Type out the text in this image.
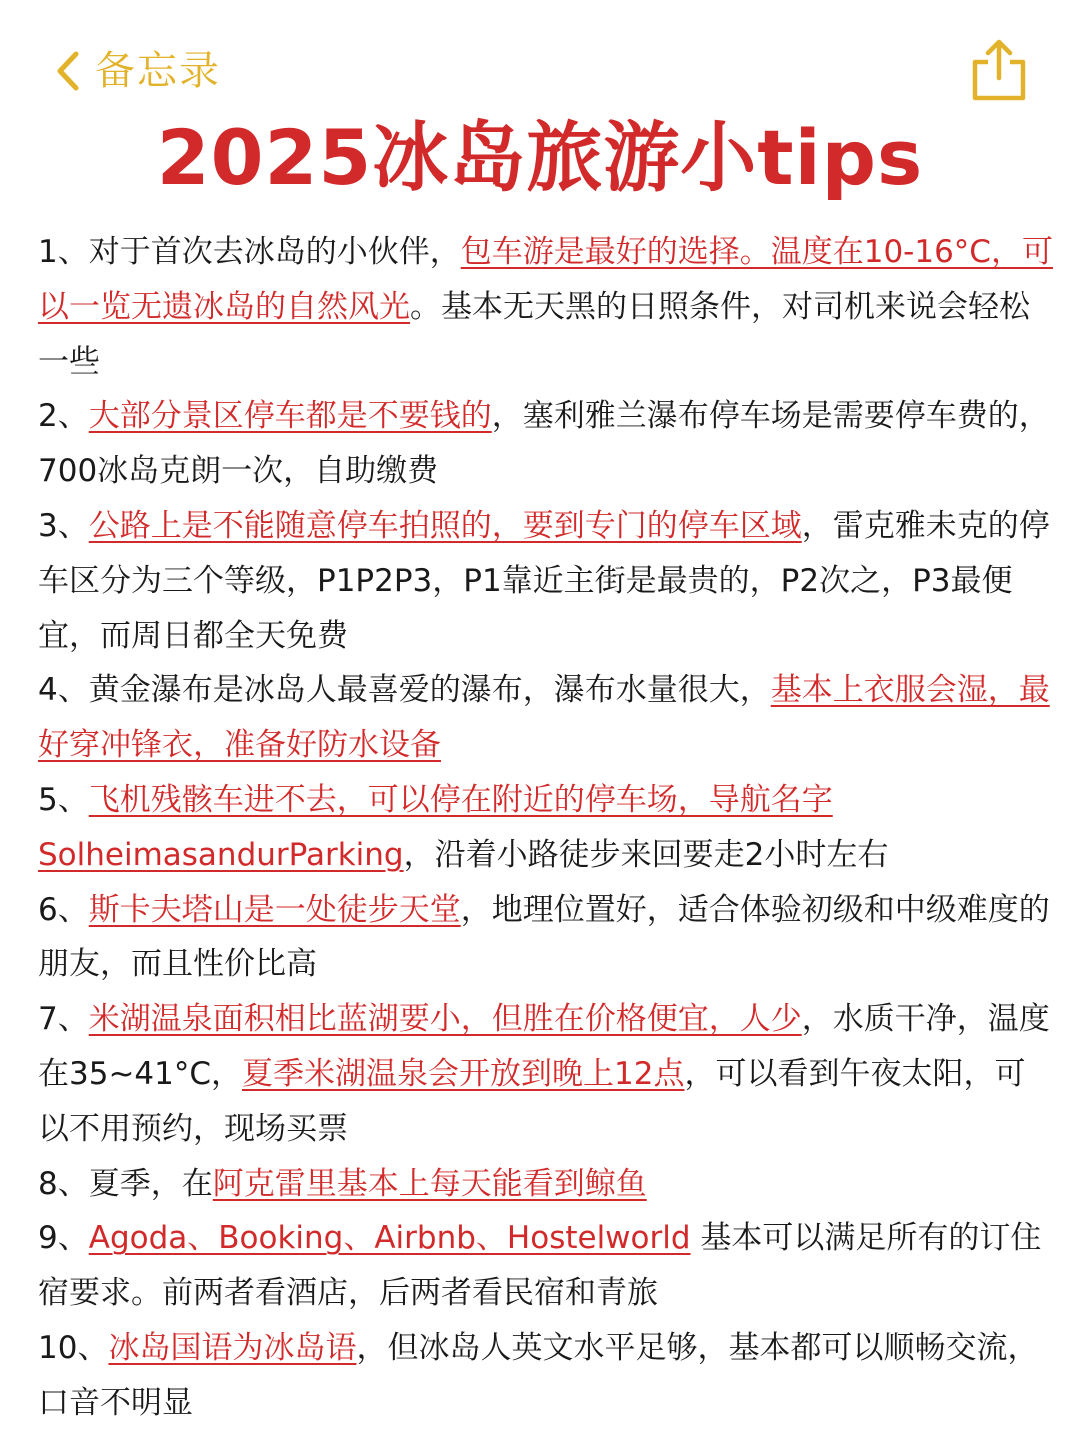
备忘录
2025冰岛旅游小tips

1、对于首次去冰岛的小伙伴，包车游是最好的选择。温度在10-16°C，可以一览无遗冰岛的自然风光。基本无天黑的日照条件，对司机来说会轻松一些

2、大部分景区停车都是不要钱的，塞利雅兰瀑布停车场是需要停车费的，700冰岛克朗一次，自助缴费

3、公路上是不能随意停车拍照的，要到专门的停车区域，雷克雅未克的停车区分为三个等级，P1P2P3，P1靠近主街是最贵的，P2次之，P3最便宜，而周日都全天免费

4、黄金瀑布是冰岛人最喜爱的瀑布，瀑布水量很大，基本上衣服会湿，最好穿冲锋衣，准备好防水设备

5、飞机残骸车进不去，可以停在附近的停车场，导航名字SolheimasandurParking，沿着小路徒步来回要走2小时左右

6、斯卡夫塔山是一处徒步天堂，地理位置好，适合体验初级和中级难度的朋友，而且性价比高

7、米湖温泉面积相比蓝湖要小，但胜在价格便宜，人少，水质干净，温度在35~41°C，夏季米湖温泉会开放到晚上12点，可以看到午夜太阳，可以不用预约，现场买票

8、夏季，在阿克雷里基本上每天能看到鲸鱼

9、Agoda、Booking、Airbnb、Hostelworld 基本可以满足所有的订住宿要求。前两者看酒店，后两者看民宿和青旅

10、冰岛国语为冰岛语，但冰岛人英文水平足够，基本都可以顺畅交流，口音不明显
